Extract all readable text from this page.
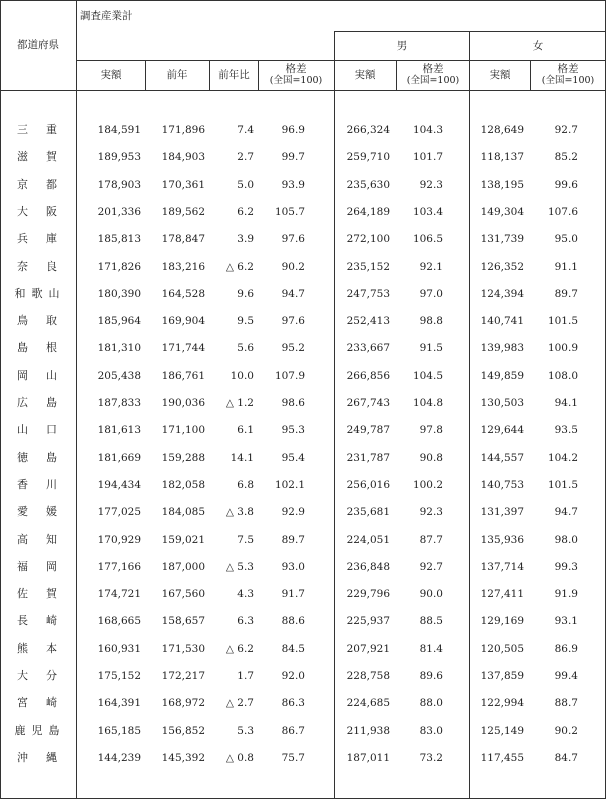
都道府県
調査産業計
男	女
実額	前年	前年比	格差
(全国=100)	実額	格差
(全国=100)	実額	格差
(全国=100)
三 重	184,591	171,896	7.4	96.9	266,324	104.3	128,649	92.7
滋 賀	189,953	184,903	2.7	99.7	259,710	101.7	118,137	85.2
京 都	178,903	170,361	5.0	93.9	235,630	92.3	138,195	99.6
大 阪	201,336	189,562	6.2	105.7	264,189	103.4	149,304	107.6
兵 庫	185,813	178,847	3.9	97.6	272,100	106.5	131,739	95.0
奈 良	171,826	183,216	△ 6.2	90.2	235,152	92.1	126,352	91.1
和 歌 山	180,390	164,528	9.6	94.7	247,753	97.0	124,394	89.7
鳥 取	185,964	169,904	9.5	97.6	252,413	98.8	140,741	101.5
島 根	181,310	171,744	5.6	95.2	233,667	91.5	139,983	100.9
岡 山	205,438	186,761	10.0	107.9	266,856	104.5	149,859	108.0
広 島	187,833	190,036	△ 1.2	98.6	267,743	104.8	130,503	94.1
山 口	181,613	171,100	6.1	95.3	249,787	97.8	129,644	93.5
徳 島	181,669	159,288	14.1	95.4	231,787	90.8	144,557	104.2
香 川	194,434	182,058	6.8	102.1	256,016	100.2	140,753	101.5
愛 媛	177,025	184,085	△ 3.8	92.9	235,681	92.3	131,397	94.7
高 知	170,929	159,021	7.5	89.7	224,051	87.7	135,936	98.0
福 岡	177,166	187,000	△ 5.3	93.0	236,848	92.7	137,714	99.3
佐 賀	174,721	167,560	4.3	91.7	229,796	90.0	127,411	91.9
長 崎	168,665	158,657	6.3	88.6	225,937	88.5	129,169	93.1
熊 本	160,931	171,530	△ 6.2	84.5	207,921	81.4	120,505	86.9
大 分	175,152	172,217	1.7	92.0	228,758	89.6	137,859	99.4
宮 崎	164,391	168,972	△ 2.7	86.3	224,685	88.0	122,994	88.7
鹿 児 島	165,185	156,852	5.3	86.7	211,938	83.0	125,149	90.2
沖 縄	144,239	145,392	△ 0.8	75.7	187,011	73.2	117,455	84.7
